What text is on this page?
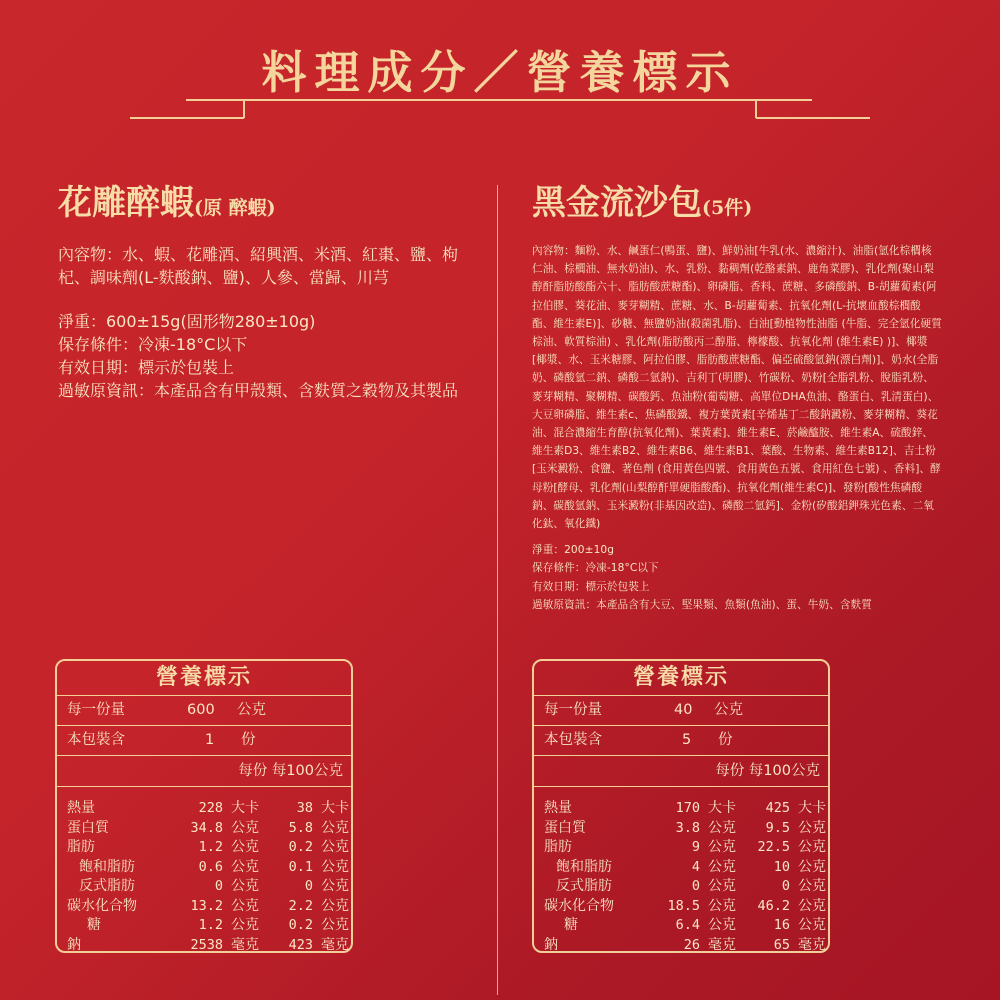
料理成分／營養標示
花雕醉蝦(原 醉蝦)

內容物：水、蝦、花雕酒、紹興酒、米酒、紅棗、鹽、枸杞、調味劑(L-麩酸鈉、鹽)、人參、當歸、川芎

淨重：600±15g(固形物280±10g)

保存條件：冷凍-18°C以下

有效日期：標示於包裝上

過敏原資訊：本產品含有甲殼類、含麩質之穀物及其製品

黑金流沙包(5件)

內容物：麵粉、水、鹹蛋仁(鴨蛋、鹽)、鮮奶油[牛乳(水、濃縮汁)、油脂(氫化棕櫚核仁油、棕櫚油、無水奶油)、水、乳粉、黏稠劑(乾酪素鈉、鹿角菜膠)、乳化劑(聚山梨醇酐脂肪酸酯六十、脂肪酸蔗糖酯)、卵磷脂、香料、蔗糖、多磷酸鈉、B-胡蘿蔔素(阿拉伯膠、葵花油、麥芽糊精、蔗糖、水、B-胡蘿蔔素、抗氧化劑(L-抗壞血酸棕櫚酸酯、維生素E)]、砂糖、無鹽奶油(殺菌乳脂)、白油[動植物性油脂 (牛脂、完全氫化硬質棕油、軟質棕油) 、乳化劑(脂肪酸丙二醇脂、檸檬酸、抗氧化劑 (維生素E) )]、椰漿[椰漿、水、玉米糖膠、阿拉伯膠、脂肪酸蔗糖酯、偏亞硫酸氫鈉(漂白劑)]、奶水(全脂奶、磷酸氫二鈉、磷酸二氫鈉)、吉利丁(明膠)、竹碳粉、奶粉[全脂乳粉、脫脂乳粉、麥芽糊精、聚糊精、碳酸鈣、魚油粉(葡萄糖、高單位DHA魚油、酪蛋白、乳清蛋白)、大豆卵磷脂、維生素c、焦磷酸鐵、複方葉黃素[辛烯基丁二酸鈉澱粉、麥芽糊精、葵花油、混合濃縮生育醇(抗氧化劑)、葉黃素]、維生素E、菸鹼醯胺、維生素A、硫酸鋅、維生素D3、維生素B2、維生素B6、維生素B1、葉酸、生物素、維生素B12]、吉士粉[玉米澱粉、食鹽、著色劑 (食用黃色四號、食用黃色五號、食用紅色七號) 、香料]、酵母粉[酵母、乳化劑(山梨醇酐單硬脂酸酯)、抗氧化劑(維生素C)]、發粉[酸性焦磷酸鈉、碳酸氫鈉、玉米澱粉(非基因改造)、磷酸二氫鈣]、金粉(矽酸鋁鉀珠光色素、二氧化鈦、氧化鐵)

淨重：200±10g

保存條件：冷凍-18°C以下

有效日期：標示於包裝上

過敏原資訊：本產品含有大豆、堅果類、魚類(魚油)、蛋、牛奶、含麩質

營養標示
每一份量	600 公克
本包裝含	1 份
每份 每100公克
熱量	228 大卡	38 大卡
蛋白質	34.8 公克 5.8 公克
脂肪	1.2 公克 0.2 公克
飽和脂肪	0.6 公克 0.1 公克
反式脂肪	0 公克	0 公克
碳水化合物	13.2 公克 2.2 公克
糖	1.2 公克 0.2 公克
鈉	2538 毫克 423 毫克
營養標示
每一份量	40 公克
本包裝含	5 份
每份 每100公克
熱量	170 大卡 425 大卡
蛋白質	3.8 公克 9.5 公克
脂肪	9 公克 22.5 公克
飽和脂肪	4 公克	10 公克
反式脂肪	0 公克	0 公克
碳水化合物	18.5 公克 46.2 公克
糖	6.4 公克	16 公克
鈉	26 毫克	65 毫克
